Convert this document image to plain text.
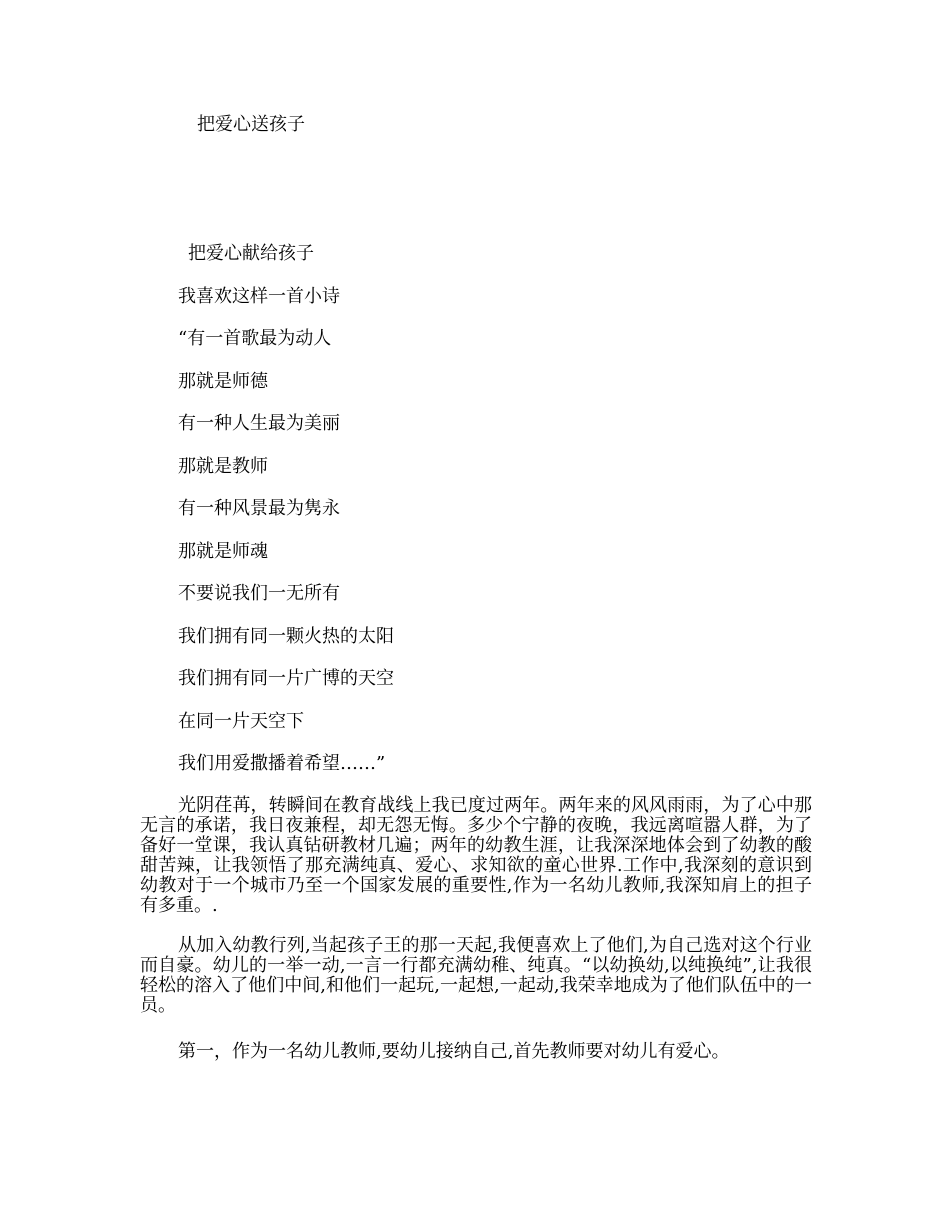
把爱心送孩子
把爱心献给孩子
我喜欢这样一首小诗
“有一首歌最为动人
那就是师德
有一种人生最为美丽
那就是教师
有一种风景最为隽永
那就是师魂
不要说我们一无所有
我们拥有同一颗火热的太阳
我们拥有同一片广博的天空
在同一片天空下
我们用爱撒播着希望……”
光阴荏苒，转瞬间在教育战线上我已度过两年。两年来的风风雨雨，为了心中那无言的承诺，我日夜兼程，却无怨无悔。多少个宁静的夜晚，我远离喧嚣人群，为了备好一堂课，我认真钻研教材几遍；两年的幼教生涯，让我深深地体会到了幼教的酸甜苦辣，让我领悟了那充满纯真、爱心、求知欲的童心世界.工作中,我深刻的意识到幼教对于一个城市乃至一个国家发展的重要性,作为一名幼儿教师,我深知肩上的担子有多重。.
从加入幼教行列,当起孩子王的那一天起,我便喜欢上了他们,为自己选对这个行业而自豪。幼儿的一举一动,一言一行都充满幼稚、纯真。“以幼换幼,以纯换纯”,让我很轻松的溶入了他们中间,和他们一起玩,一起想,一起动,我荣幸地成为了他们队伍中的一员。
第一，作为一名幼儿教师,要幼儿接纳自己,首先教师要对幼儿有爱心。
